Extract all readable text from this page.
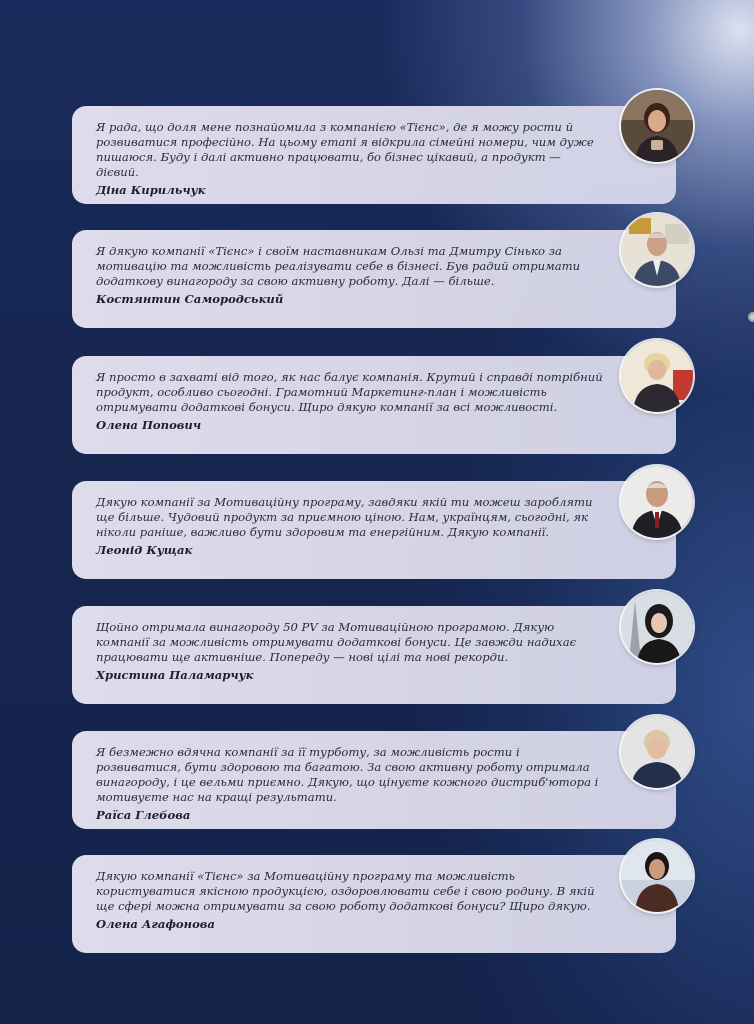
Я рада, що доля мене познайомила з компанією «Тієнс», де я можу рости й розвиватися професійно. На цьому етапі я відкрила сімейні номери, чим дуже пишаюся. Буду і далі активно працювати, бо бізнес цікавий, а продукт — дієвий.

Діна Кирильчук

Я дякую компанії «Тієнс» і своїм наставникам Ользі та Дмитру Сінько за мотивацію та можливість реалізувати себе в бізнесі. Був радий отримати додаткову винагороду за свою активну роботу. Далі — більше.

Костянтин Самородський

Я просто в захваті від того, як нас балує компанія. Крутий і справді потрібний продукт, особливо сьогодні. Грамотний Маркетинг-план і можливість отримувати додаткові бонуси. Щиро дякую компанії за всі можливості.

Олена Попович

Дякую компанії за Мотиваційну програму, завдяки якій ти можеш заробляти ще більше. Чудовий продукт за приємною ціною. Нам, українцям, сьогодні, як ніколи раніше, важливо бути здоровим та енергійним. Дякую компанії.

Леонід Кущак

Щойно отримала винагороду 50 PV за Мотиваційною програмою. Дякую компанії за можливість отримувати додаткові бонуси. Це завжди надихає працювати ще активніше. Попереду — нові цілі та нові рекорди.

Христина Паламарчук

Я безмежно вдячна компанії за її турботу, за можливість рости і розвиватися, бути здоровою та багатою. За свою активну роботу отримала винагороду, і це вельми приємно. Дякую, що цінуєте кожного дистриб'ютора і мотивуєте нас на кращі результати.

Раїса Глебова

Дякую компанії «Тієнс» за Мотиваційну програму та можливість користуватися якісною продукцією, оздоровлювати себе і свою родину. В якій ще сфері можна отримувати за свою роботу додаткові бонуси? Щиро дякую.

Олена Агафонова
